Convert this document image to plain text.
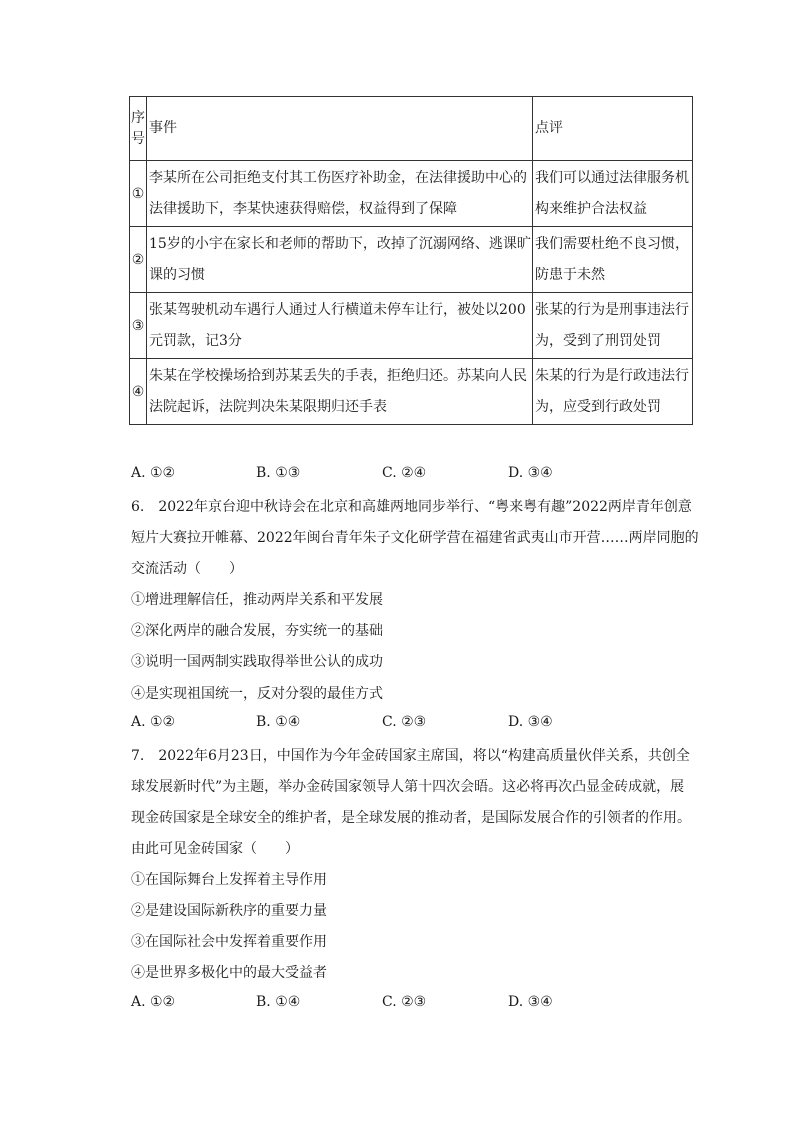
序号	事件	点评
①	李某所在公司拒绝支付其工伤医疗补助金，在法律援助中心的法律援助下，李某快速获得赔偿，权益得到了保障	我们可以通过法律服务机构来维护合法权益
②	15岁的小宇在家长和老师的帮助下，改掉了沉溺网络、逃课旷课的习惯	我们需要杜绝不良习惯，防患于未然
③	张某驾驶机动车遇行人通过人行横道未停车让行，被处以200元罚款，记3分	张某的行为是刑事违法行为，受到了刑罚处罚
④	朱某在学校操场拾到苏某丢失的手表，拒绝归还。苏某向人民法院起诉，法院判决朱某限期归还手表	朱某的行为是行政违法行为，应受到行政处罚
A. ①②	B. ①③	C. ②④	D. ③④
6.　2022年京台迎中秋诗会在北京和高雄两地同步举行、“粤来粤有趣”2022两岸青年创意
短片大赛拉开帷幕、2022年闽台青年朱子文化研学营在福建省武夷山市开营……两岸同胞的
交流活动（　　）
①增进理解信任，推动两岸关系和平发展
②深化两岸的融合发展，夯实统一的基础
③说明一国两制实践取得举世公认的成功
④是实现祖国统一，反对分裂的最佳方式
A. ①②	B. ①④	C. ②③	D. ③④
7.　2022年6月23日，中国作为今年金砖国家主席国，将以“构建高质量伙伴关系，共创全
球发展新时代”为主题，举办金砖国家领导人第十四次会晤。这必将再次凸显金砖成就，展
现金砖国家是全球安全的维护者，是全球发展的推动者，是国际发展合作的引领者的作用。
由此可见金砖国家（　　）
①在国际舞台上发挥着主导作用
②是建设国际新秩序的重要力量
③在国际社会中发挥着重要作用
④是世界多极化中的最大受益者
A. ①②	B. ①④	C. ②③	D. ③④
